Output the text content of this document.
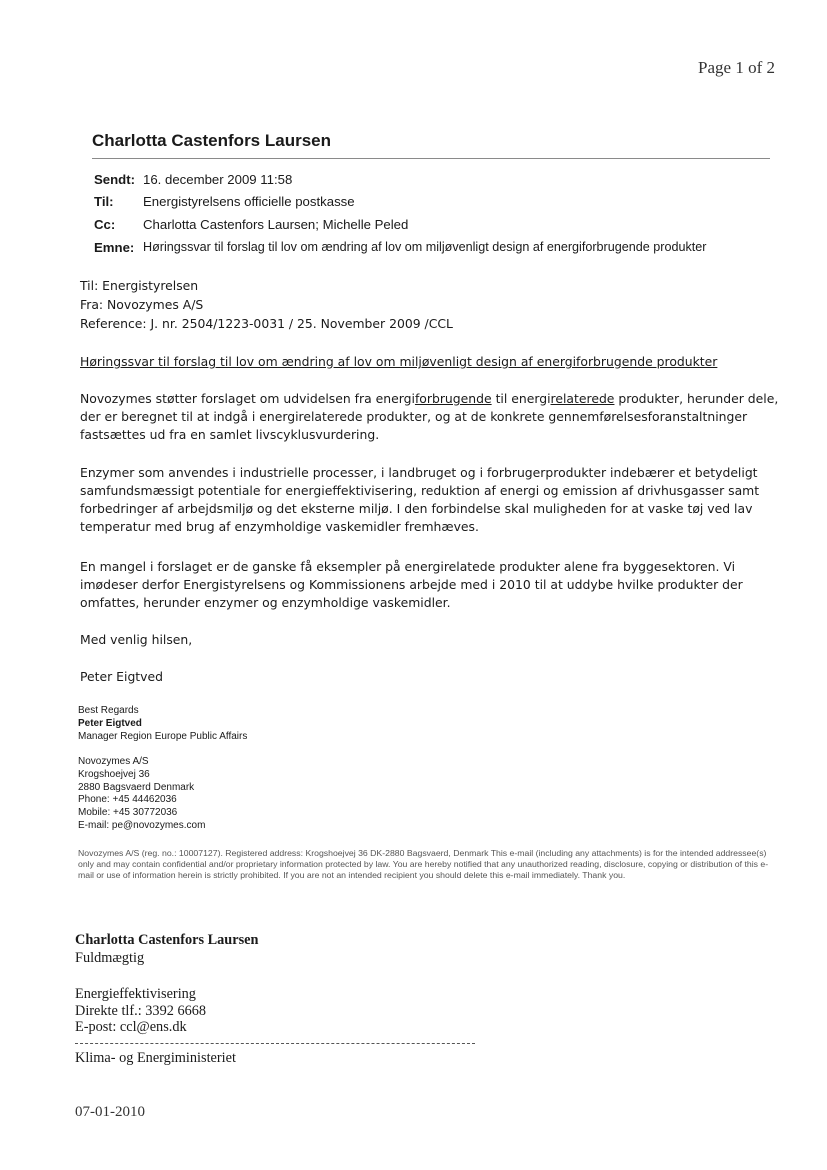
Page 1 of 2
Charlotta Castenfors Laursen
Sendt: 16. december 2009 11:58
Til:	Energistyrelsens officielle postkasse
Cc:	Charlotta Castenfors Laursen; Michelle Peled
Emne: Høringssvar til forslag til lov om ændring af lov om miljøvenligt design af energiforbrugende produkter
Til: Energistyrelsen
Fra: Novozymes A/S
Reference: J. nr. 2504/1223-0031 / 25. November 2009 /CCL
Høringssvar til forslag til lov om ændring af lov om miljøvenligt design af energiforbrugende produkter

Novozymes støtter forslaget om udvidelsen fra energiforbrugende til energirelaterede produkter, herunder dele, der er beregnet til at indgå i energirelaterede produkter, og at de konkrete gennemførelsesforanstaltninger fastsættes ud fra en samlet livscyklusvurdering.

Enzymer som anvendes i industrielle processer, i landbruget og i forbrugerprodukter indebærer et betydeligt samfundsmæssigt potentiale for energieffektivisering, reduktion af energi og emission af drivhusgasser samt forbedringer af arbejdsmiljø og det eksterne miljø. I den forbindelse skal muligheden for at vaske tøj ved lav temperatur med brug af enzymholdige vaskemidler fremhæves.

En mangel i forslaget er de ganske få eksempler på energirelatede produkter alene fra byggesektoren. Vi imødeser derfor Energistyrelsens og Kommissionens arbejde med i 2010 til at uddybe hvilke produkter der omfattes, herunder enzymer og enzymholdige vaskemidler.

Med venlig hilsen,
Peter Eigtved
Best Regards
Peter Eigtved
Manager Region Europe Public Affairs
Novozymes A/S
Krogshoejvej 36
2880 Bagsvaerd Denmark
Phone: +45 44462036
Mobile: +45 30772036
E-mail: pe@novozymes.com
Novozymes A/S (reg. no.: 10007127). Registered address: Krogshoejvej 36 DK-2880 Bagsvaerd, Denmark This e-mail (including any attachments) is for the intended addressee(s) only and may contain confidential and/or proprietary information protected by law. You are hereby notified that any unauthorized reading, disclosure, copying or distribution of this e-mail or use of information herein is strictly prohibited. If you are not an intended recipient you should delete this e-mail immediately. Thank you.
Charlotta Castenfors Laursen
Fuldmægtig
Energieffektivisering
Direkte tlf.: 3392 6668
E-post: ccl@ens.dk
Klima- og Energiministeriet
07-01-2010
